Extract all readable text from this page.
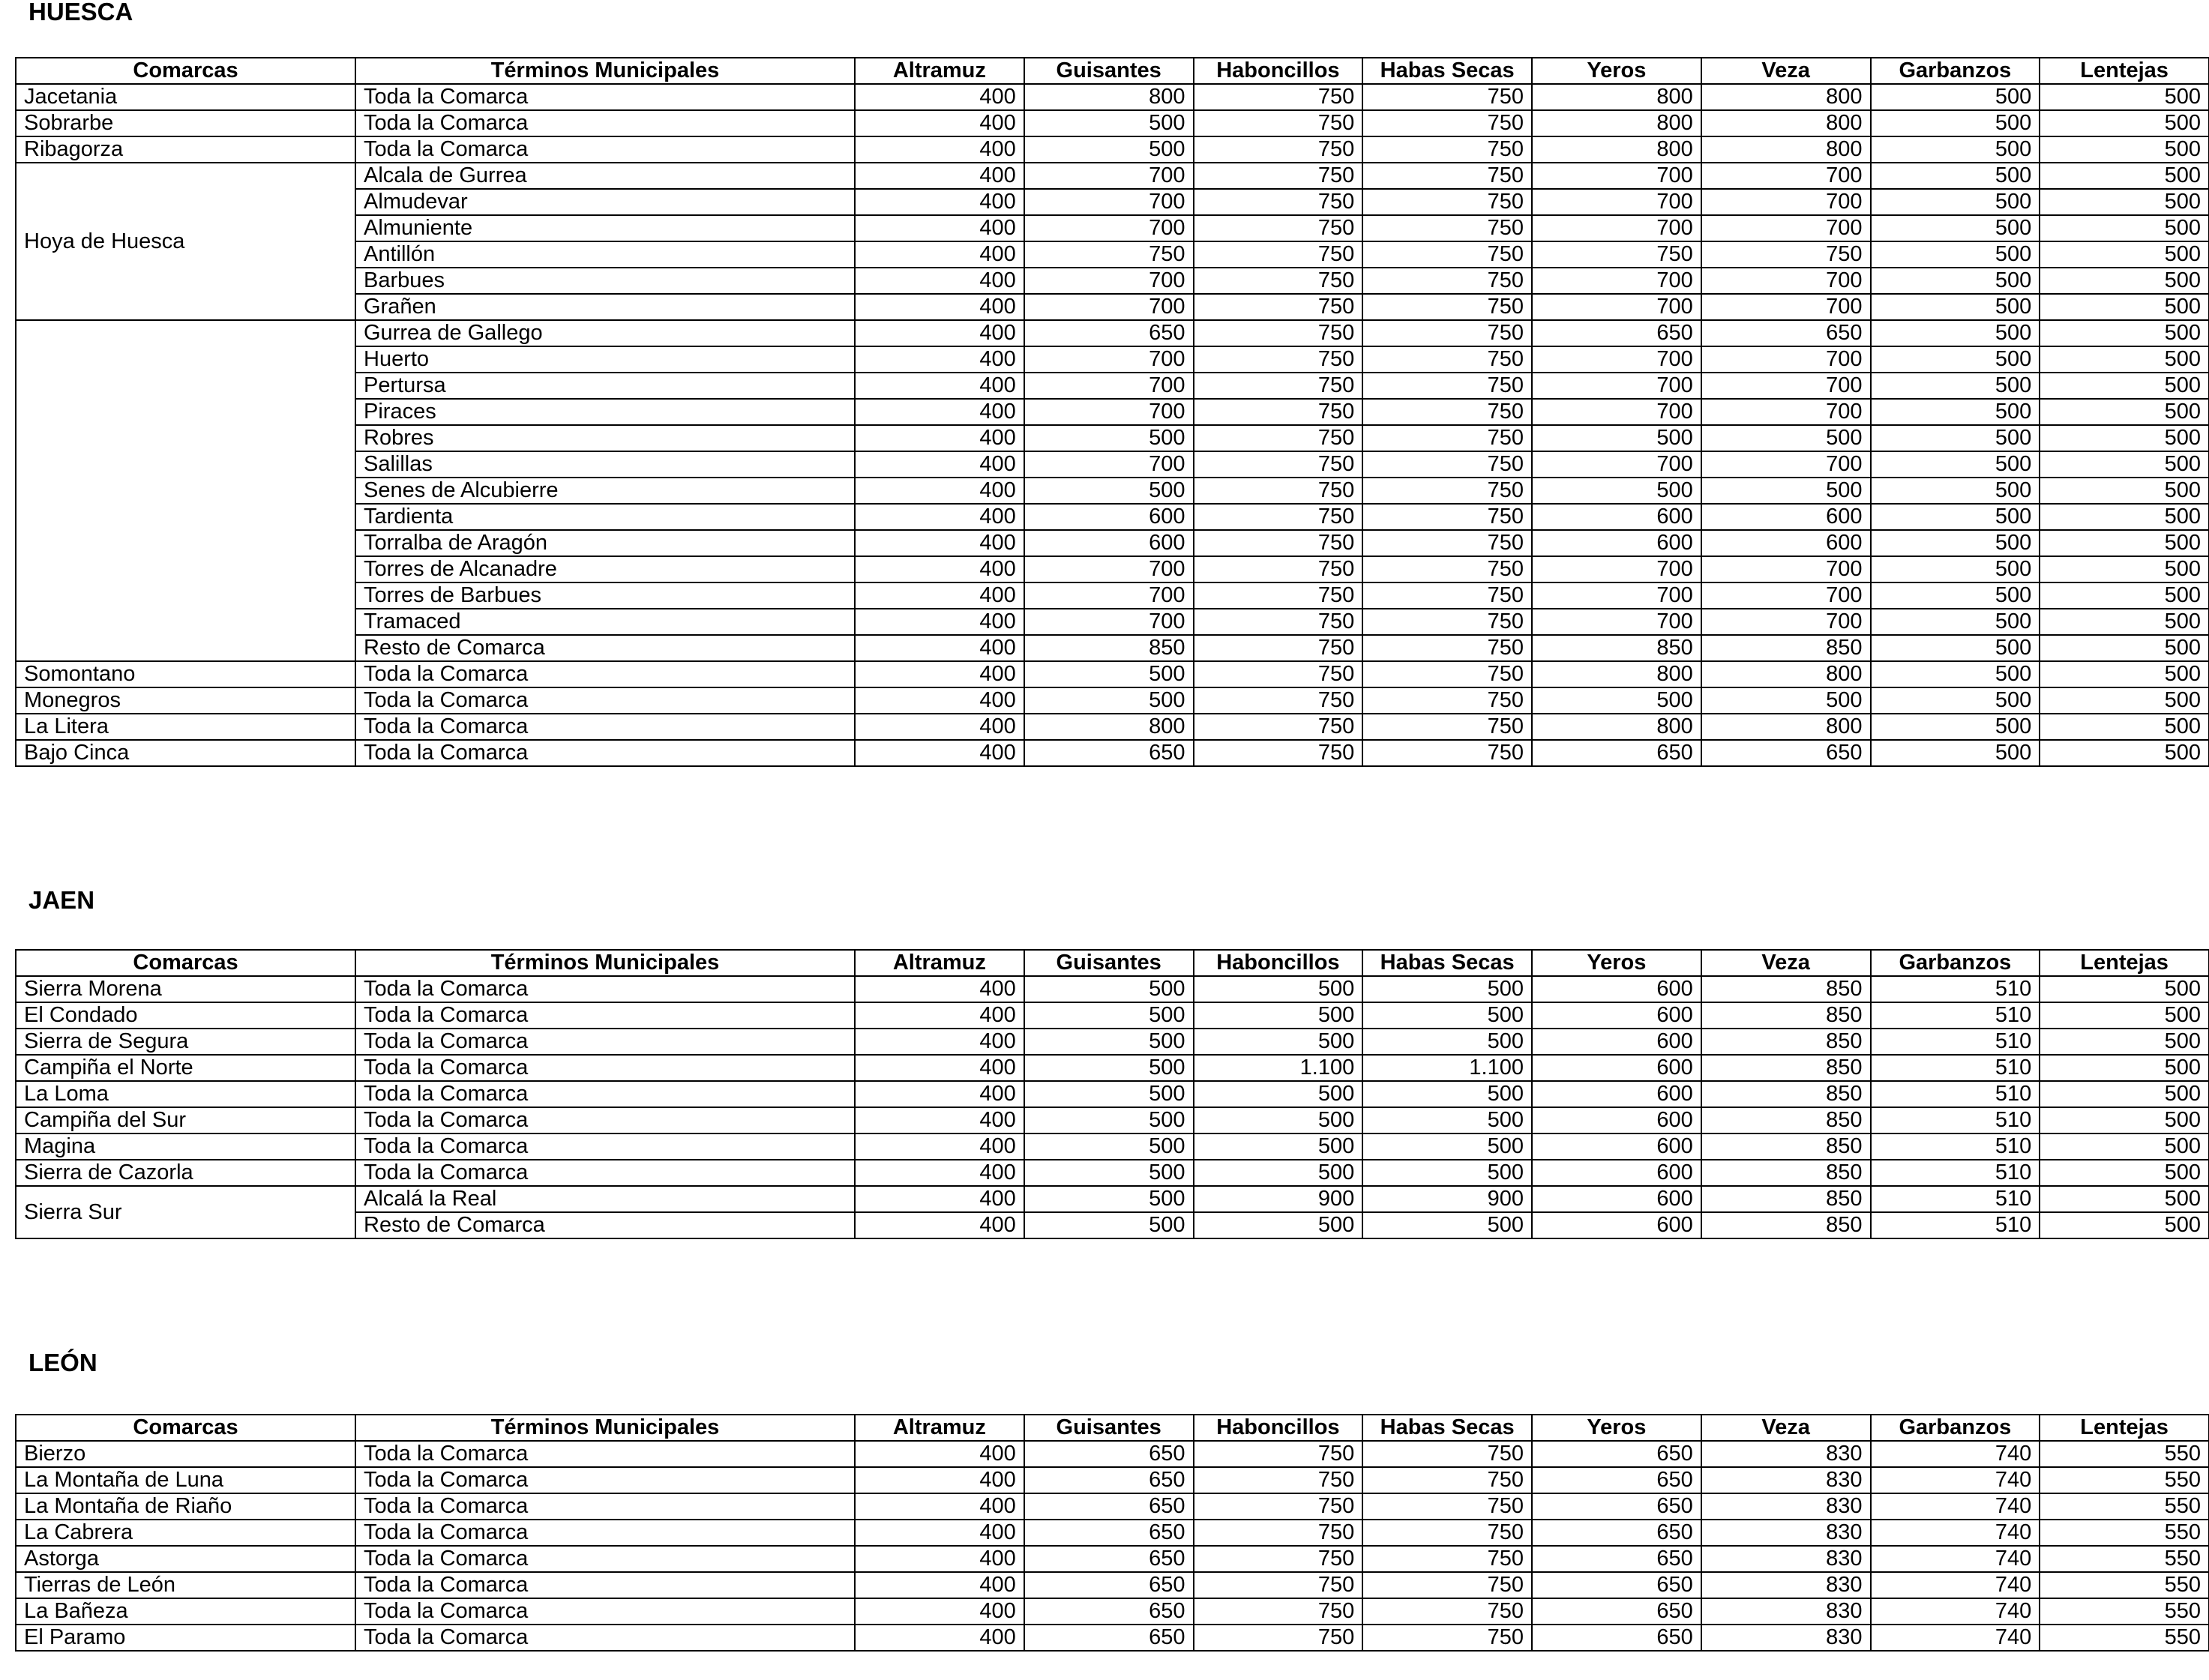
HUESCA
Comarcas	Términos Municipales	Altramuz	Guisantes	Haboncillos	Habas Secas	Yeros	Veza	Garbanzos	Lentejas
Jacetania	Toda la Comarca	400	800	750	750	800	800	500	500
Sobrarbe	Toda la Comarca	400	500	750	750	800	800	500	500
Ribagorza	Toda la Comarca	400	500	750	750	800	800	500	500
Hoya de Huesca	Alcala de Gurrea	400	700	750	750	700	700	500	500
	Almudevar	400	700	750	750	700	700	500	500
	Almuniente	400	700	750	750	700	700	500	500
	Antillón	400	750	750	750	750	750	500	500
	Barbues	400	700	750	750	700	700	500	500
	Grañen	400	700	750	750	700	700	500	500
	Gurrea de Gallego	400	650	750	750	650	650	500	500
	Huerto	400	700	750	750	700	700	500	500
	Pertursa	400	700	750	750	700	700	500	500
	Piraces	400	700	750	750	700	700	500	500
	Robres	400	500	750	750	500	500	500	500
	Salillas	400	700	750	750	700	700	500	500
	Senes de Alcubierre	400	500	750	750	500	500	500	500
	Tardienta	400	600	750	750	600	600	500	500
	Torralba de Aragón	400	600	750	750	600	600	500	500
	Torres de Alcanadre	400	700	750	750	700	700	500	500
	Torres de Barbues	400	700	750	750	700	700	500	500
	Tramaced	400	700	750	750	700	700	500	500
	Resto de Comarca	400	850	750	750	850	850	500	500
Somontano	Toda la Comarca	400	500	750	750	800	800	500	500
Monegros	Toda la Comarca	400	500	750	750	500	500	500	500
La Litera	Toda la Comarca	400	800	750	750	800	800	500	500
Bajo Cinca	Toda la Comarca	400	650	750	750	650	650	500	500
JAEN
Comarcas	Términos Municipales	Altramuz	Guisantes	Haboncillos	Habas Secas	Yeros	Veza	Garbanzos	Lentejas
Sierra Morena	Toda la Comarca	400	500	500	500	600	850	510	500
El Condado	Toda la Comarca	400	500	500	500	600	850	510	500
Sierra de Segura	Toda la Comarca	400	500	500	500	600	850	510	500
Campiña el Norte	Toda la Comarca	400	500	1.100	1.100	600	850	510	500
La Loma	Toda la Comarca	400	500	500	500	600	850	510	500
Campiña del Sur	Toda la Comarca	400	500	500	500	600	850	510	500
Magina	Toda la Comarca	400	500	500	500	600	850	510	500
Sierra de Cazorla	Toda la Comarca	400	500	500	500	600	850	510	500
Sierra Sur	Alcalá la Real	400	500	900	900	600	850	510	500
	Resto de Comarca	400	500	500	500	600	850	510	500
LEÓN
Comarcas	Términos Municipales	Altramuz	Guisantes	Haboncillos	Habas Secas	Yeros	Veza	Garbanzos	Lentejas
Bierzo	Toda la Comarca	400	650	750	750	650	830	740	550
La Montaña de Luna	Toda la Comarca	400	650	750	750	650	830	740	550
La Montaña de Riaño	Toda la Comarca	400	650	750	750	650	830	740	550
La Cabrera	Toda la Comarca	400	650	750	750	650	830	740	550
Astorga	Toda la Comarca	400	650	750	750	650	830	740	550
Tierras de León	Toda la Comarca	400	650	750	750	650	830	740	550
La Bañeza	Toda la Comarca	400	650	750	750	650	830	740	550
El Paramo	Toda la Comarca	400	650	750	750	650	830	740	550
